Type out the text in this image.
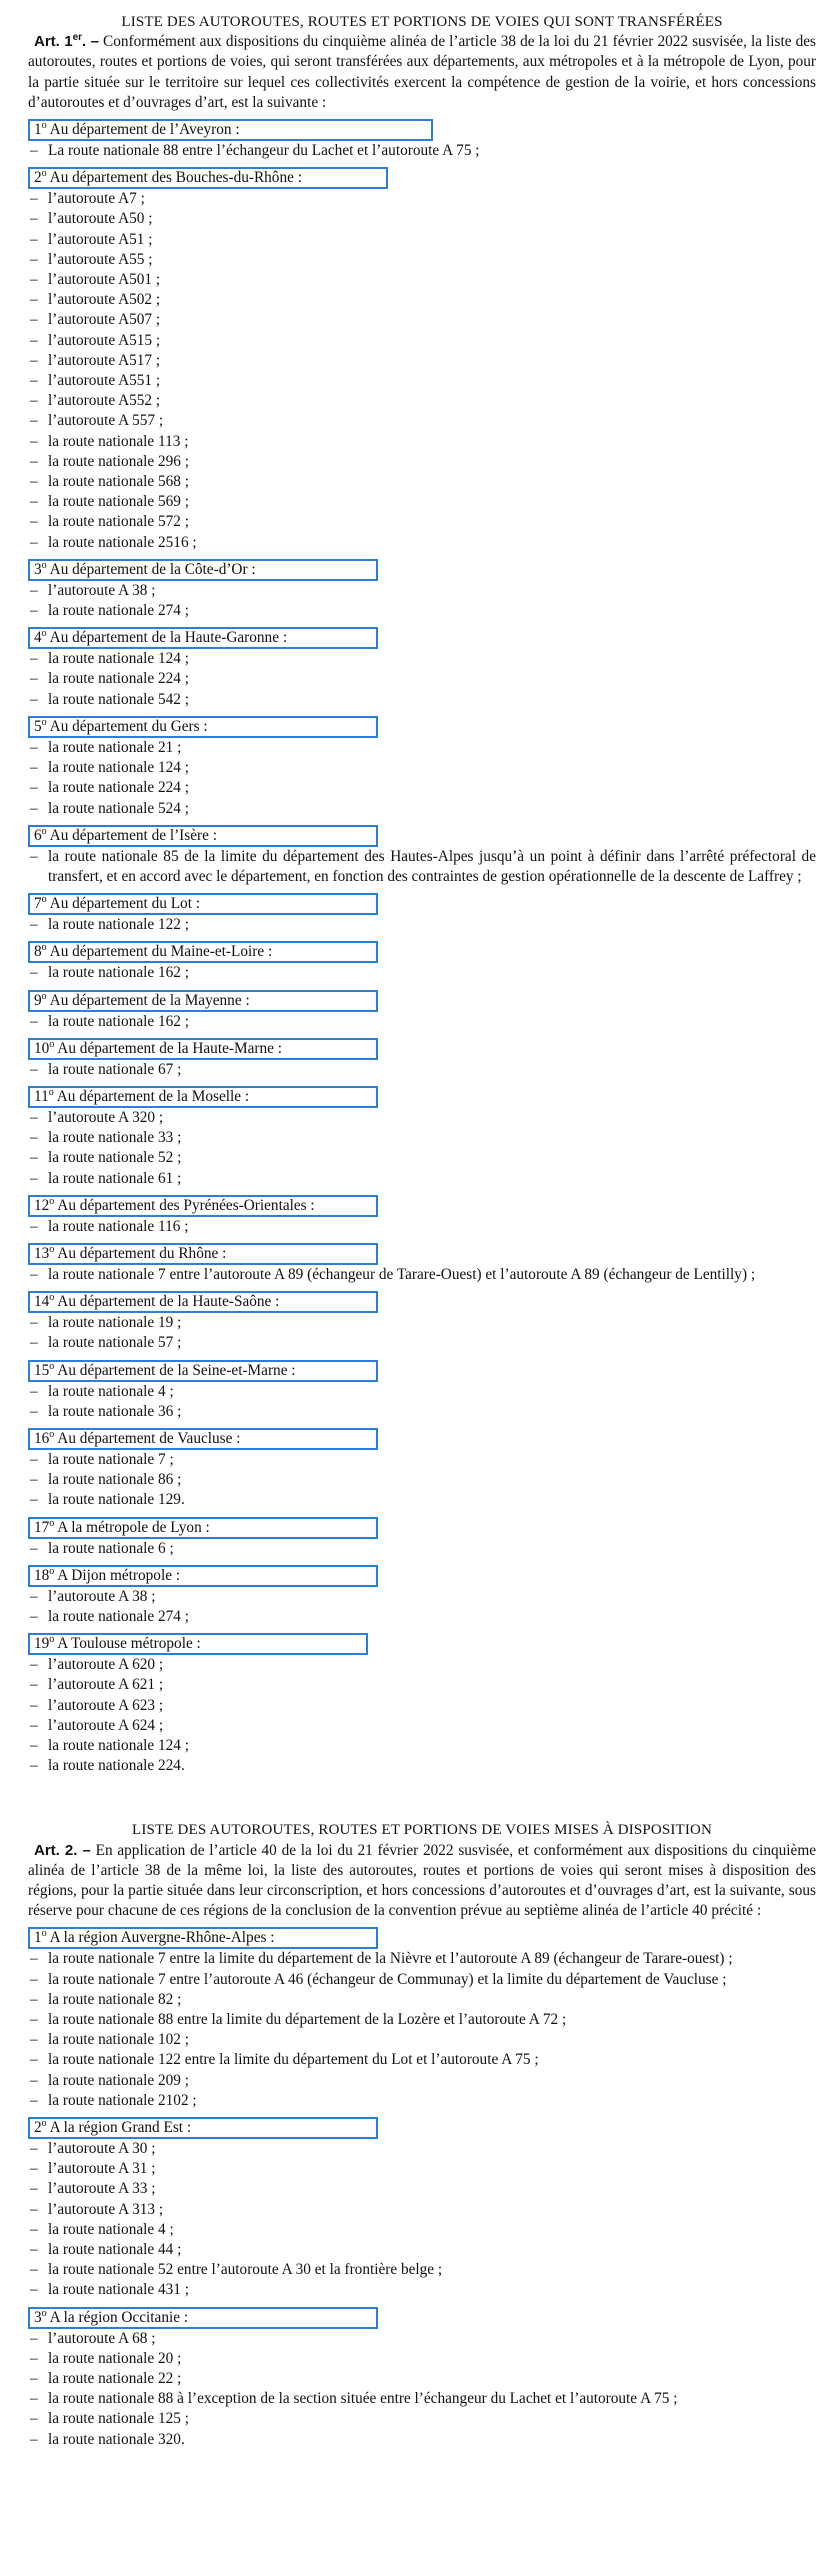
LISTE DES AUTOROUTES, ROUTES ET PORTIONS DE VOIES QUI SONT TRANSFÉRÉES

Art. 1er. – Conformément aux dispositions du cinquième alinéa de l’article 38 de la loi du 21 février 2022 susvisée, la liste des autoroutes, routes et portions de voies, qui seront transférées aux départements, aux métropoles et à la métropole de Lyon, pour la partie située sur le territoire sur lequel ces collectivités exercent la compétence de gestion de la voirie, et hors concessions d’autoroutes et d’ouvrages d’art, est la suivante :

1$^o$ Au département de l’Aveyron :
– La route nationale 88 entre l’échangeur du Lachet et l’autoroute A 75 ;
2$^o$ Au département des Bouches-du-Rhône :
– l’autoroute A7 ;
– l’autoroute A50 ;
– l’autoroute A51 ;
– l’autoroute A55 ;
– l’autoroute A501 ;
– l’autoroute A502 ;
– l’autoroute A507 ;
– l’autoroute A515 ;
– l’autoroute A517 ;
– l’autoroute A551 ;
– l’autoroute A552 ;
– l’autoroute A 557 ;
– la route nationale 113 ;
– la route nationale 296 ;
– la route nationale 568 ;
– la route nationale 569 ;
– la route nationale 572 ;
– la route nationale 2516 ;
3$^o$ Au département de la Côte-d’Or :
– l’autoroute A 38 ;
– la route nationale 274 ;
4$^o$ Au département de la Haute-Garonne :
– la route nationale 124 ;
– la route nationale 224 ;
– la route nationale 542 ;
5$^o$ Au département du Gers :
– la route nationale 21 ;
– la route nationale 124 ;
– la route nationale 224 ;
– la route nationale 524 ;
6$^o$ Au département de l’Isère :
– la route nationale 85 de la limite du département des Hautes-Alpes jusqu’à un point à définir dans l’arrêté préfectoral de transfert, et en accord avec le département, en fonction des contraintes de gestion opérationnelle de la descente de Laffrey ;
7$^o$ Au département du Lot :
– la route nationale 122 ;
8$^o$ Au département du Maine-et-Loire :
– la route nationale 162 ;
9$^o$ Au département de la Mayenne :
– la route nationale 162 ;
10$^o$ Au département de la Haute-Marne :
– la route nationale 67 ;
11$^o$ Au département de la Moselle :
– l’autoroute A 320 ;
– la route nationale 33 ;
– la route nationale 52 ;
– la route nationale 61 ;
12$^o$ Au département des Pyrénées-Orientales :
– la route nationale 116 ;
13$^o$ Au département du Rhône :
– la route nationale 7 entre l’autoroute A 89 (échangeur de Tarare-Ouest) et l’autoroute A 89 (échangeur de Lentilly) ;
14$^o$ Au département de la Haute-Saône :
– la route nationale 19 ;
– la route nationale 57 ;
15$^o$ Au département de la Seine-et-Marne :
– la route nationale 4 ;
– la route nationale 36 ;
16$^o$ Au département de Vaucluse :
– la route nationale 7 ;
– la route nationale 86 ;
– la route nationale 129.
17$^o$ A la métropole de Lyon :
– la route nationale 6 ;
18$^o$ A Dijon métropole :
– l’autoroute A 38 ;
– la route nationale 274 ;
19$^o$ A Toulouse métropole :
– l’autoroute A 620 ;
– l’autoroute A 621 ;
– l’autoroute A 623 ;
– l’autoroute A 624 ;
– la route nationale 124 ;
– la route nationale 224.

LISTE DES AUTOROUTES, ROUTES ET PORTIONS DE VOIES MISES À DISPOSITION

Art. 2. – En application de l’article 40 de la loi du 21 février 2022 susvisée, et conformément aux dispositions du cinquième alinéa de l’article 38 de la même loi, la liste des autoroutes, routes et portions de voies qui seront mises à disposition des régions, pour la partie située dans leur circonscription, et hors concessions d’autoroutes et d’ouvrages d’art, est la suivante, sous réserve pour chacune de ces régions de la conclusion de la convention prévue au septième alinéa de l’article 40 précité :

1$^o$ A la région Auvergne-Rhône-Alpes :
– la route nationale 7 entre la limite du département de la Nièvre et l’autoroute A 89 (échangeur de Tarare-ouest) ;
– la route nationale 7 entre l’autoroute A 46 (échangeur de Communay) et la limite du département de Vaucluse ;
– la route nationale 82 ;
– la route nationale 88 entre la limite du département de la Lozère et l’autoroute A 72 ;
– la route nationale 102 ;
– la route nationale 122 entre la limite du département du Lot et l’autoroute A 75 ;
– la route nationale 209 ;
– la route nationale 2102 ;
2$^o$ A la région Grand Est :
– l’autoroute A 30 ;
– l’autoroute A 31 ;
– l’autoroute A 33 ;
– l’autoroute A 313 ;
– la route nationale 4 ;
– la route nationale 44 ;
– la route nationale 52 entre l’autoroute A 30 et la frontière belge ;
– la route nationale 431 ;
3$^o$ A la région Occitanie :
– l’autoroute A 68 ;
– la route nationale 20 ;
– la route nationale 22 ;
– la route nationale 88 à l’exception de la section située entre l’échangeur du Lachet et l’autoroute A 75 ;
– la route nationale 125 ;
– la route nationale 320.
